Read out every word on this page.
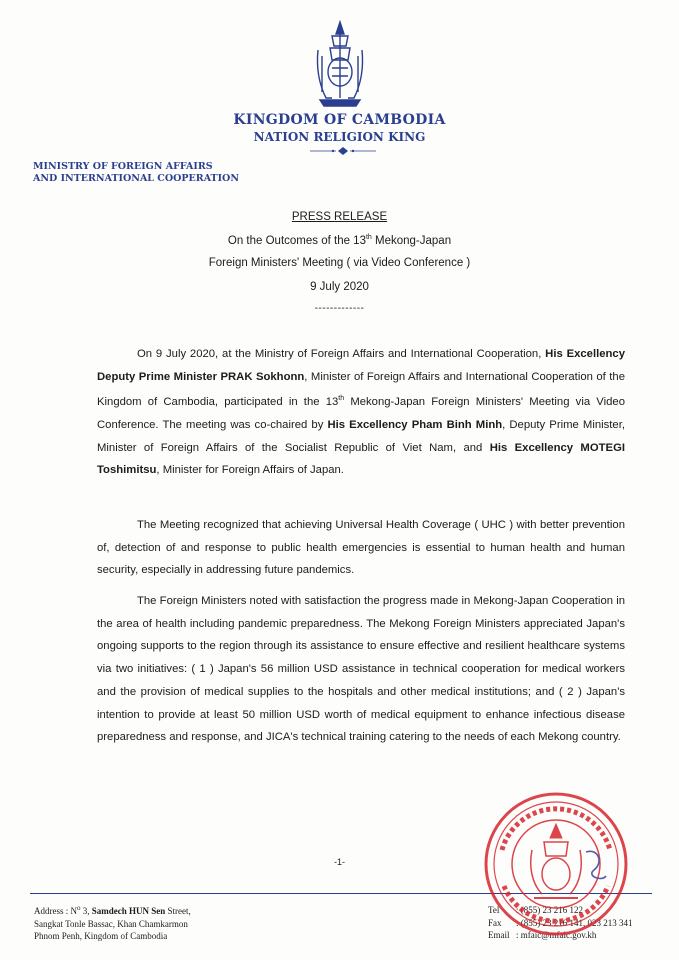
KINGDOM OF CAMBODIA
NATION RELIGION KING
MINISTRY OF FOREIGN AFFAIRS
AND INTERNATIONAL COOPERATION
PRESS RELEASE
On the Outcomes of the 13th Mekong-Japan
Foreign Ministers' Meeting ( via Video Conference )
9 July 2020
-------------
On 9 July 2020, at the Ministry of Foreign Affairs and International Cooperation, His Excellency Deputy Prime Minister PRAK Sokhonn, Minister of Foreign Affairs and International Cooperation of the Kingdom of Cambodia, participated in the 13th Mekong-Japan Foreign Ministers' Meeting via Video Conference. The meeting was co-chaired by His Excellency Pham Binh Minh, Deputy Prime Minister, Minister of Foreign Affairs of the Socialist Republic of Viet Nam, and His Excellency MOTEGI Toshimitsu, Minister for Foreign Affairs of Japan.
The Meeting recognized that achieving Universal Health Coverage ( UHC ) with better prevention of, detection of and response to public health emergencies is essential to human health and human security, especially in addressing future pandemics.
The Foreign Ministers noted with satisfaction the progress made in Mekong-Japan Cooperation in the area of health including pandemic preparedness. The Mekong Foreign Ministers appreciated Japan's ongoing supports to the region through its assistance to ensure effective and resilient healthcare systems via two initiatives: ( 1 ) Japan's 56 million USD assistance in technical cooperation for medical workers and the provision of medical supplies to the hospitals and other medical institutions; and ( 2 ) Japan's intention to provide at least 50 million USD worth of medical equipment to enhance infectious disease preparedness and response, and JICA's technical training catering to the needs of each Mekong country.
-1-
Address : $N^o$ 3, Samdech HUN Sen Street,
Sangkat Tonle Bassac, Khan Chamkarmon
Phnom Penh, Kingdom of Cambodia
Tel : (855) 23 216 122
Fax : (855) 23 216 141, 023 213 341
Email : mfaic@mfaic.gov.kh
